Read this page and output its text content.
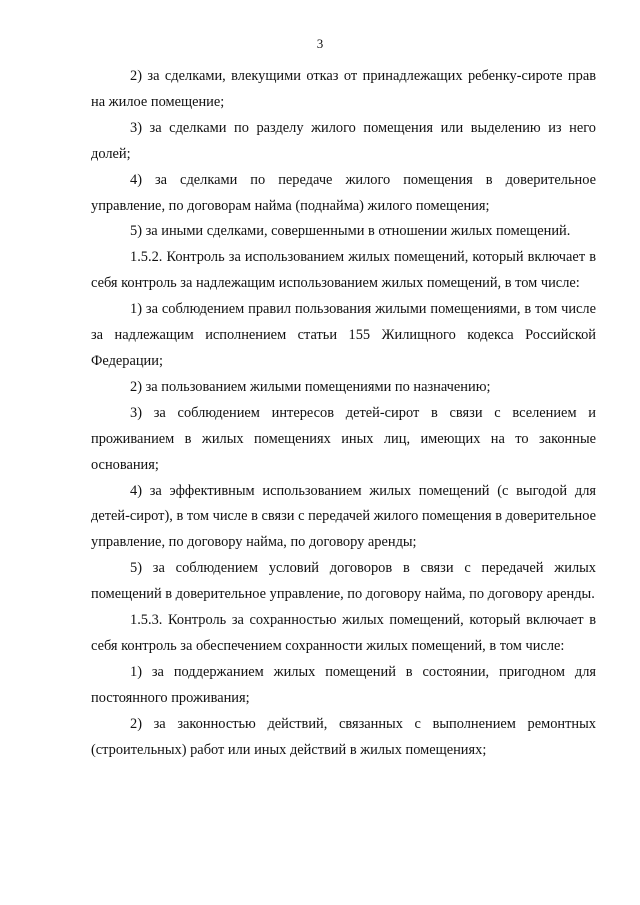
3

2) за сделками, влекущими отказ от принадлежащих ребенку-сироте прав на жилое помещение;

3) за сделками по разделу жилого помещения или выделению из него долей;

4) за сделками по передаче жилого помещения в доверительное управление, по договорам найма (поднайма) жилого помещения;

5) за иными сделками, совершенными в отношении жилых помещений.

1.5.2. Контроль за использованием жилых помещений, который включает в себя контроль за надлежащим использованием жилых помещений, в том числе:

1) за соблюдением правил пользования жилыми помещениями, в том числе за надлежащим исполнением статьи 155 Жилищного кодекса Российской Федерации;

2) за пользованием жилыми помещениями по назначению;

3) за соблюдением интересов детей-сирот в связи с вселением и проживанием в жилых помещениях иных лиц, имеющих на то законные основания;

4) за эффективным использованием жилых помещений (с выгодой для детей-сирот), в том числе в связи с передачей жилого помещения в доверительное управление, по договору найма, по договору аренды;

5) за соблюдением условий договоров в связи с передачей жилых помещений в доверительное управление, по договору найма, по договору аренды.

1.5.3. Контроль за сохранностью жилых помещений, который включает в себя контроль за обеспечением сохранности жилых помещений, в том числе:

1) за поддержанием жилых помещений в состоянии, пригодном для постоянного проживания;

2) за законностью действий, связанных с выполнением ремонтных (строительных) работ или иных действий в жилых помещениях;
